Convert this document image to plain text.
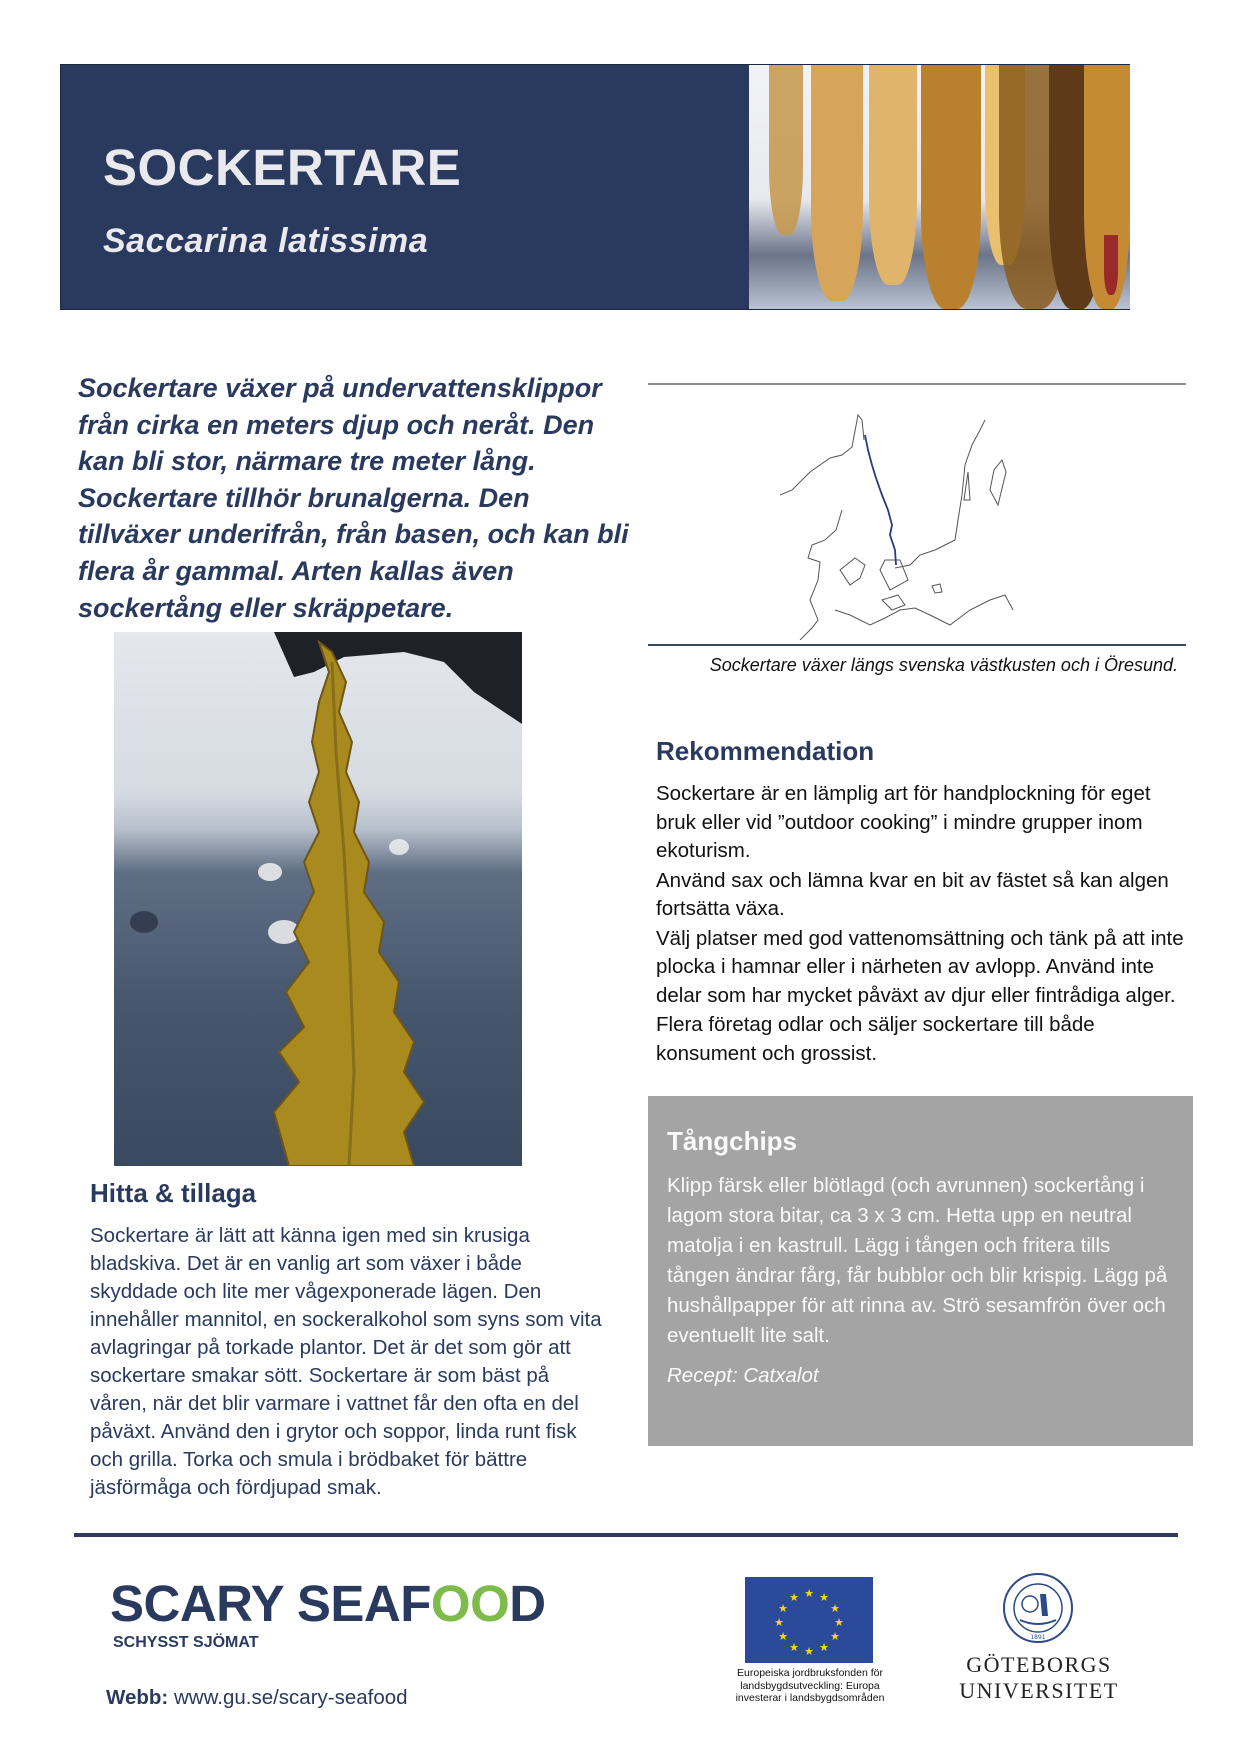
SOCKERTARE
Saccarina latissima
Sockertare växer på undervattensklippor från cirka en meters djup och neråt. Den kan bli stor, närmare tre meter lång. Sockertare tillhör brunalgerna. Den tillväxer underifrån, från basen, och kan bli flera år gammal. Arten kallas även sockertång eller skräppetare.
Sockertare växer längs svenska västkusten och i Öresund.
Rekommendation

Sockertare är en lämplig art för handplockning för eget bruk eller vid ”outdoor cooking” i mindre grupper inom ekoturism.

Använd sax och lämna kvar en bit av fästet så kan algen fortsätta växa.

Välj platser med god vattenomsättning och tänk på att inte plocka i hamnar eller i närheten av avlopp. Använd inte delar som har mycket påväxt av djur eller fintrådiga alger.

Flera företag odlar och säljer sockertare till både konsument och grossist.

Tångchips
Klipp färsk eller blötlagd (och avrunnen) sockertång i lagom stora bitar, ca 3 x 3 cm. Hetta upp en neutral matolja i en kastrull. Lägg i tången och fritera tills tången ändrar fårg, får bubblor och blir krispig. Lägg på hushållpapper för att rinna av. Strö sesamfrön över och eventuellt lite salt.
Recept: Catxalot
Hitta & tillaga
Sockertare är lätt att känna igen med sin krusiga bladskiva. Det är en vanlig art som växer i både skyddade och lite mer vågexponerade lägen. Den innehåller mannitol, en sockeralkohol som syns som vita avlagringar på torkade plantor. Det är det som gör att sockertare smakar sött. Sockertare är som bäst på våren, när det blir varmare i vattnet får den ofta en del påväxt. Använd den i grytor och soppor, linda runt fisk och grilla. Torka och smula i brödbaket för bättre jäsförmåga och fördjupad smak.
SCARY SEAFOOD
SCHYSST SJÖMAT
Webb: www.gu.se/scary-seafood
★ ★
★
★
★
★
★
★
★
★
★
★
Europeiska jordbruksfonden för landsbygdsutveckling: Europa investerar i landsbygdsområden
1891
GÖTEBORGS
UNIVERSITET
